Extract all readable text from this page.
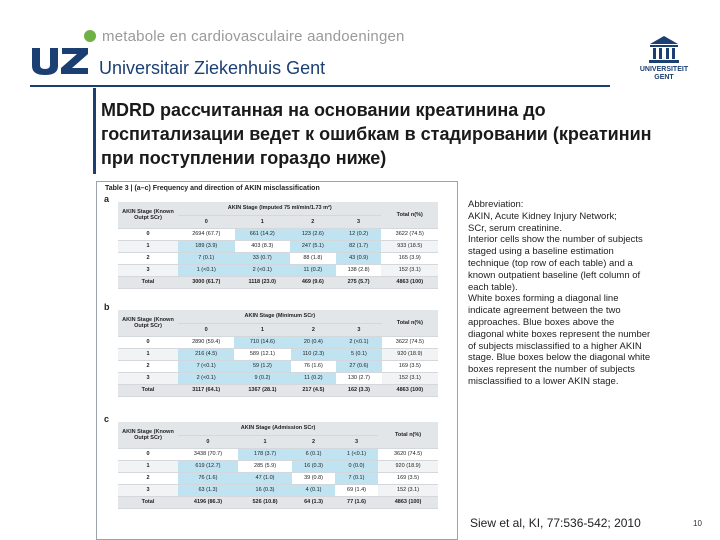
metabole en cardiovasculaire aandoeningen
Universitair Ziekenhuis Gent	UNIVERSITEIT GENT
MDRD рассчитанная на основании креатинина до госпитализации ведет к ошибкам в стадировании (креатинин при поступлении гораздо ниже)
Table 3 | (a–c) Frequency and direction of AKIN misclassification
a
AKIN Stage (Known Outpt SCr)	AKIN Stage (Imputed 75 ml/min/1.73 m²)				Total n(%)
	0	1	2	3	
0	2694 (67.7)	661 (14.2)	123 (2.6)	12 (0.2)	3622 (74.5)
1	189 (3.9)	403 (8.3)	247 (5.1)	82 (1.7)	933 (18.5)
2	7 (0.1)	33 (0.7)	88 (1.8)	43 (0.9)	165 (3.9)
3	1 (<0.1)	2 (<0.1)	11 (0.2)	138 (2.8)	152 (3.1)
Total	3000 (61.7)	1118 (23.0)	469 (9.6)	275 (5.7)	4863 (100)
b
AKIN Stage (Known Outpt SCr)	AKIN Stage (Minimum SCr)				Total n(%)
	0	1	2	3	
0	2890 (59.4)	710 (14.6)	20 (0.4)	2 (<0.1)	3622 (74.5)
1	216 (4.5)	589 (12.1)	110 (2.3)	5 (0.1)	920 (18.9)
2	7 (<0.1)	59 (1.2)	76 (1.6)	27 (0.6)	169 (3.5)
3	2 (<0.1)	9 (0.2)	11 (0.2)	130 (2.7)	152 (3.1)
Total	3117 (64.1)	1367 (28.1)	217 (4.5)	162 (3.3)	4863 (100)
c
AKIN Stage (Known Outpt SCr)	AKIN Stage (Admission SCr)				Total n(%)
	0	1	2	3	
0	3438 (70.7)	178 (3.7)	6 (0.1)	1 (<0.1)	3620 (74.5)
1	619 (12.7)	285 (5.9)	16 (0.3)	0 (0.0)	920 (18.9)
2	76 (1.6)	47 (1.0)	39 (0.8)	7 (0.1)	169 (3.5)
3	63 (1.3)	16 (0.3)	4 (0.1)	69 (1.4)	152 (3.1)
Total	4196 (86.3)	526 (10.8)	64 (1.3)	77 (1.6)	4863 (100)
Abbreviation:
AKIN, Acute Kidney Injury Network;
SCr, serum creatinine.
Interior cells show the number of subjects
staged using a baseline estimation
technique (top row of each table) and a
known outpatient baseline (left column of
each table).
White boxes forming a diagonal line
indicate agreement between the two
approaches. Blue boxes above the
diagonal white boxes represent the number
of subjects misclassified to a higher AKIN
stage. Blue boxes below the diagonal white
boxes represent the number of subjects
misclassified to a lower AKIN stage.
Siew et al, KI, 77:536-542; 2010	10
